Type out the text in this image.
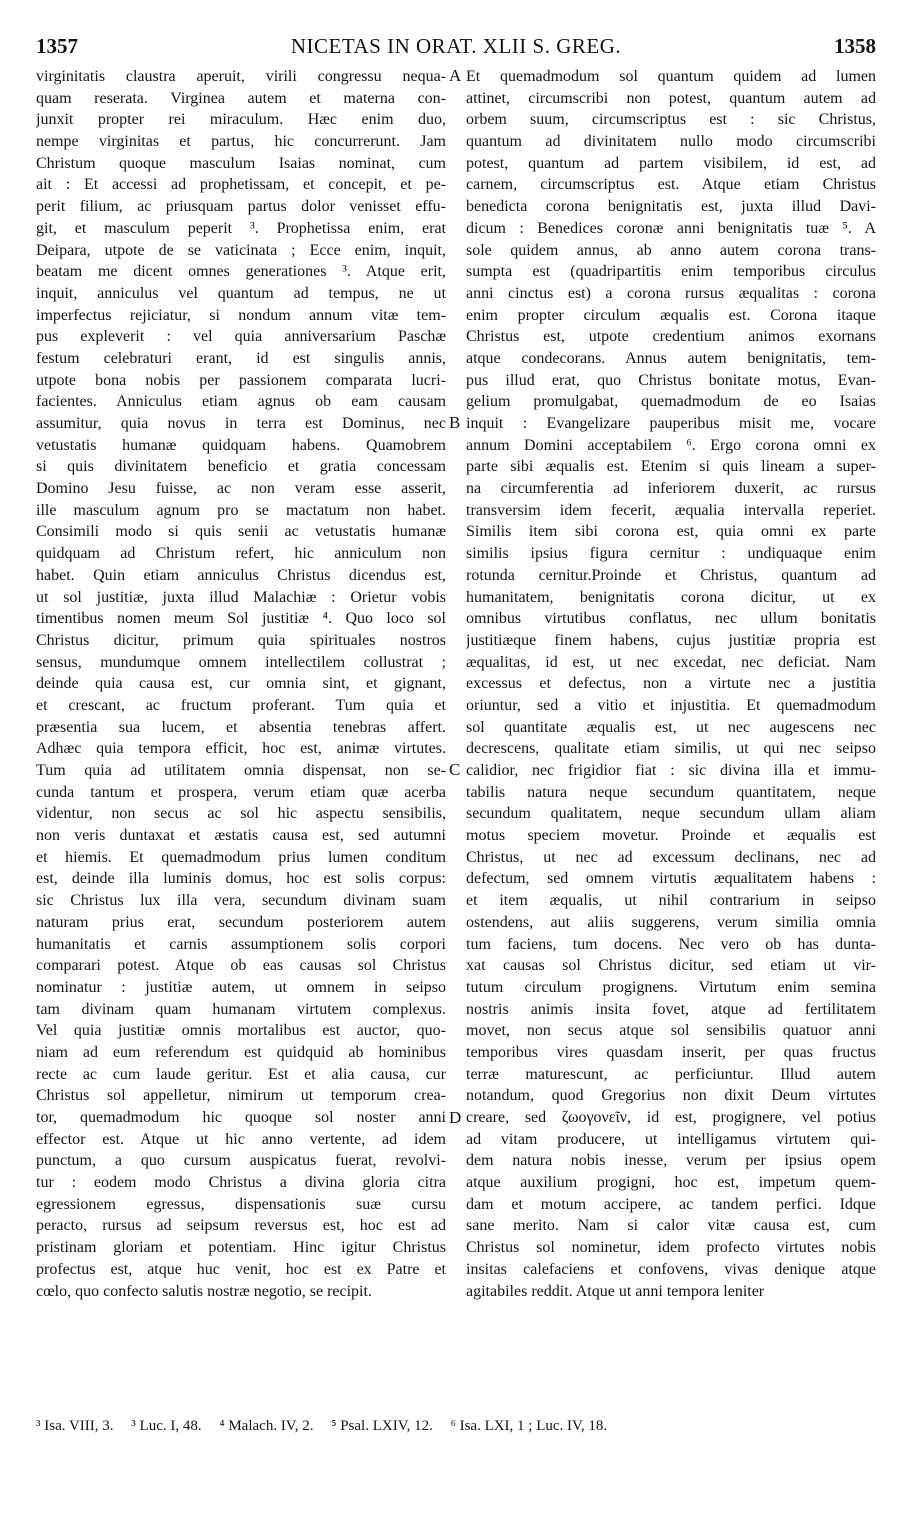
1357	NICETAS IN ORAT. XLII S. GREG.	1358
virginitatis claustra aperuit, virili congressu nequa-
quam reserata. Virginea autem et materna con-
junxit propter rei miraculum. Hæc enim duo,
nempe virginitas et partus, hic concurrerunt. Jam
Christum quoque masculum Isaias nominat, cum
ait : Et accessi ad prophetissam, et concepit, et pe-
perit filium, ac priusquam partus dolor venisset effu-
git, et masculum peperit ³. Prophetissa enim, erat
Deipara, utpote de se vaticinata ; Ecce enim, inquit,
beatam me dicent omnes generationes ³. Atque erit,
inquit, anniculus vel quantum ad tempus, ne ut
imperfectus rejiciatur, si nondum annum vitæ tem-
pus expleverit : vel quia anniversarium Paschæ
festum celebraturi erant, id est singulis annis,
utpote bona nobis per passionem comparata lucri-
facientes. Anniculus etiam agnus ob eam causam
assumitur, quia novus in terra est Dominus, nec
vetustatis humanæ quidquam habens. Quamobrem
si quis divinitatem beneficio et gratia concessam
Domino Jesu fuisse, ac non veram esse asserit,
ille masculum agnum pro se mactatum non habet.
Consimili modo si quis senii ac vetustatis humanæ
quidquam ad Christum refert, hic anniculum non
habet. Quin etiam anniculus Christus dicendus est,
ut sol justitiæ, juxta illud Malachiæ : Orietur vobis
timentibus nomen meum Sol justitiæ ⁴. Quo loco sol
Christus dicitur, primum quia spirituales nostros
sensus, mundumque omnem intellectilem collustrat ;
deinde quia causa est, cur omnia sint, et gignant,
et crescant, ac fructum proferant. Tum quia et
præsentia sua lucem, et absentia tenebras affert.
Adhæc quia tempora efficit, hoc est, animæ virtutes.
Tum quia ad utilitatem omnia dispensat, non se-
cunda tantum et prospera, verum etiam quæ acerba
videntur, non secus ac sol hic aspectu sensibilis,
non veris duntaxat et æstatis causa est, sed autumni
et hiemis. Et quemadmodum prius lumen conditum
est, deinde illa luminis domus, hoc est solis corpus:
sic Christus lux illa vera, secundum divinam suam
naturam prius erat, secundum posteriorem autem
humanitatis et carnis assumptionem solis corpori
comparari potest. Atque ob eas causas sol Christus
nominatur : justitiæ autem, ut omnem in seipso
tam divinam quam humanam virtutem complexus.
Vel quia justitiæ omnis mortalibus est auctor, quo-
niam ad eum referendum est quidquid ab hominibus
recte ac cum laude geritur. Est et alia causa, cur
Christus sol appelletur, nimirum ut temporum crea-
tor, quemadmodum hic quoque sol noster anni
effector est. Atque ut hic anno vertente, ad idem
punctum, a quo cursum auspicatus fuerat, revolvi-
tur : eodem modo Christus a divina gloria citra
egressionem egressus, dispensationis suæ cursu
peracto, rursus ad seipsum reversus est, hoc est ad
pristinam gloriam et potentiam. Hinc igitur Christus
profectus est, atque huc venit, hoc est ex Patre et
cœlo, quo confecto salutis nostræ negotio, se recipit.
Et quemadmodum sol quantum quidem ad lumen
attinet, circumscribi non potest, quantum autem ad
orbem suum, circumscriptus est : sic Christus,
quantum ad divinitatem nullo modo circumscribi
potest, quantum ad partem visibilem, id est, ad
carnem, circumscriptus est. Atque etiam Christus
benedicta corona benignitatis est, juxta illud Davi-
dicum : Benedices coronæ anni benignitatis tuæ ⁵. A
sole quidem annus, ab anno autem corona trans-
sumpta est (quadripartitis enim temporibus circulus
anni cinctus est) a corona rursus æqualitas : corona
enim propter circulum æqualis est. Corona itaque
Christus est, utpote credentium animos exornans
atque condecorans. Annus autem benignitatis, tem-
pus illud erat, quo Christus bonitate motus, Evan-
gelium promulgabat, quemadmodum de eo Isaias
inquit : Evangelizare pauperibus misit me, vocare
annum Domini acceptabilem ⁶. Ergo corona omni ex
parte sibi æqualis est. Etenim si quis lineam a super-
na circumferentia ad inferiorem duxerit, ac rursus
transversim idem fecerit, æqualia intervalla reperiet.
Similis item sibi corona est, quia omni ex parte
similis ipsius figura cernitur : undiquaque enim
rotunda cernitur.Proinde et Christus, quantum ad
humanitatem, benignitatis corona dicitur, ut ex
omnibus virtutibus conflatus, nec ullum bonitatis
justitiæque finem habens, cujus justitiæ propria est
æqualitas, id est, ut nec excedat, nec deficiat. Nam
excessus et defectus, non a virtute nec a justitia
oriuntur, sed a vitio et injustitia. Et quemadmodum
sol quantitate æqualis est, ut nec augescens nec
decrescens, qualitate etiam similis, ut qui nec seipso
calidior, nec frigidior fiat : sic divina illa et immu-
tabilis natura neque secundum quantitatem, neque
secundum qualitatem, neque secundum ullam aliam
motus speciem movetur. Proinde et æqualis est
Christus, ut nec ad excessum declinans, nec ad
defectum, sed omnem virtutis æqualitatem habens :
et item æqualis, ut nihil contrarium in seipso
ostendens, aut aliis suggerens, verum similia omnia
tum faciens, tum docens. Nec vero ob has dunta-
xat causas sol Christus dicitur, sed etiam ut vir-
tutum circulum progignens. Virtutum enim semina
nostris animis insita fovet, atque ad fertilitatem
movet, non secus atque sol sensibilis quatuor anni
temporibus vires quasdam inserit, per quas fructus
terræ maturescunt, ac perficiuntur. Illud autem
notandum, quod Gregorius non dixit Deum virtutes
creare, sed ζωογονεῖν, id est, progignere, vel potius
ad vitam producere, ut intelligamus virtutem qui-
dem natura nobis inesse, verum per ipsius opem
atque auxilium progigni, hoc est, impetum quem-
dam et motum accipere, ac tandem perfici. Idque
sane merito. Nam si calor vitæ causa est, cum
Christus sol nominetur, idem profecto virtutes nobis
insitas calefaciens et confovens, vivas denique atque
agitabiles reddit. Atque ut anni tempora leniter
A
B
C
D
³ Isa. VIII, 3. ³ Luc. I, 48. ⁴ Malach. IV, 2. ⁵ Psal. LXIV, 12. ⁶ Isa. LXI, 1 ; Luc. IV, 18.
